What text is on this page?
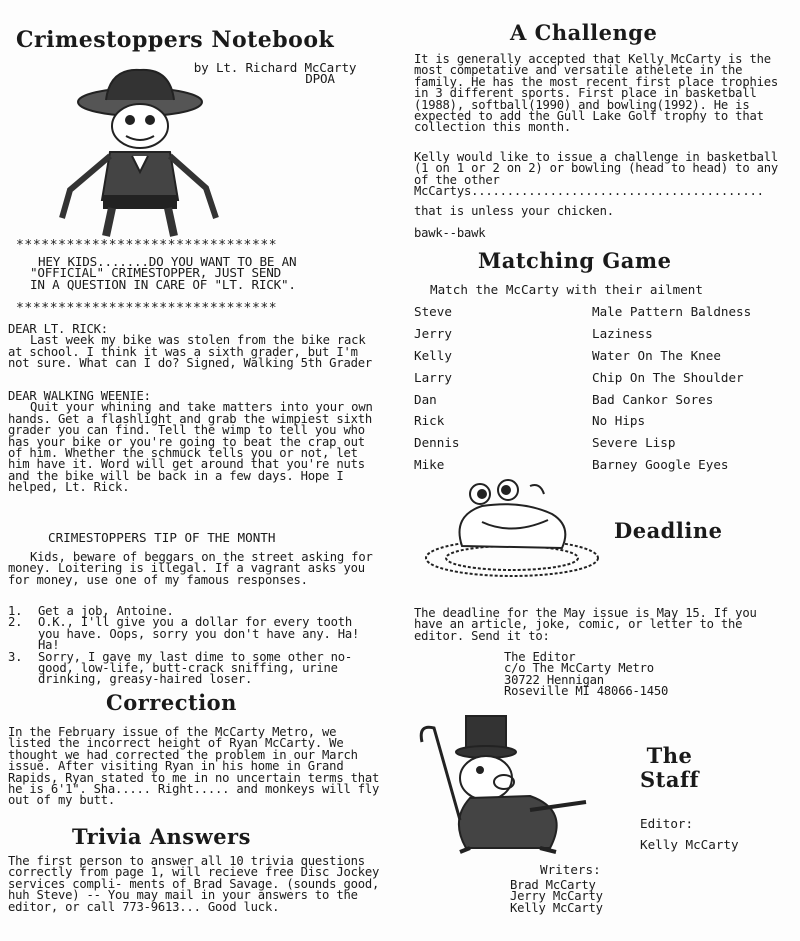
Crimestoppers Notebook
by Lt. Richard McCarty
DPOA
*******************************
HEY KIDS.......DO YOU WANT TO BE AN
"OFFICIAL" CRIMESTOPPER, JUST SEND
IN A QUESTION IN CARE OF "LT. RICK".
*******************************
DEAR LT. RICK:
Last week my bike was stolen from the bike rack at school. I think it was a sixth grader, but I'm not sure. What can I do? Signed, Walking 5th Grader
DEAR WALKING WEENIE:
Quit your whining and take matters into your own hands. Get a flashlight and grab the wimpiest sixth grader you can find. Tell the wimp to tell you who has your bike or you're going to beat the crap out of him. Whether the schmuck tells you or not, let him have it. Word will get around that you're nuts and the bike will be back in a few days. Hope I helped, Lt. Rick.
CRIMESTOPPERS TIP OF THE MONTH
Kids, beware of beggars on the street asking for money. Loitering is illegal. If a vagrant asks you for money, use one of my famous responses.
1. Get a job, Antoine.
2. O.K., I'll give you a dollar for every tooth you have. Oops, sorry you don't have any. Ha! Ha!
3. Sorry, I gave my last dime to some other no-good, low-life, butt-crack sniffing, urine drinking, greasy-haired loser.
Correction
In the February issue of the McCarty Metro, we listed the incorrect height of Ryan McCarty. We thought we had corrected the problem in our March issue. After visiting Ryan in his home in Grand Rapids, Ryan stated to me in no uncertain terms that he is 6'1". Sha..... Right..... and monkeys will fly out of my butt.
Trivia Answers
The first person to answer all 10 trivia questions correctly from page 1, will recieve free Disc Jockey services compli- ments of Brad Savage. (sounds good, huh Steve) -- You may mail in your answers to the editor, or call 773-9613... Good luck.
A Challenge
It is generally accepted that Kelly McCarty is the most competative and versatile athelete in the family. He has the most recent first place trophies in 3 different sports. First place in basketball (1988), softball(1990) and bowling(1992). He is expected to add the Gull Lake Golf trophy to that collection this month.
Kelly would like to issue a challenge in basketball (1 on 1 or 2 on 2) or bowling (head to head) to any of the other McCartys.........................................
that is unless your chicken.
bawk--bawk
Matching Game
Match the McCarty with their ailment
Steve
Jerry
Kelly
Larry
Dan
Rick
Dennis
Mike
Male Pattern Baldness
Laziness
Water On The Knee
Chip On The Shoulder
Bad Cankor Sores
No Hips
Severe Lisp
Barney Google Eyes
Deadline
The deadline for the May issue is May 15. If you have an article, joke, comic, or letter to the editor. Send it to:
The Editor
c/o The McCarty Metro
30722 Hennigan
Roseville MI 48066-1450
The
Staff
Editor:
Kelly McCarty
Writers:
Brad McCarty
Jerry McCarty
Kelly McCarty
